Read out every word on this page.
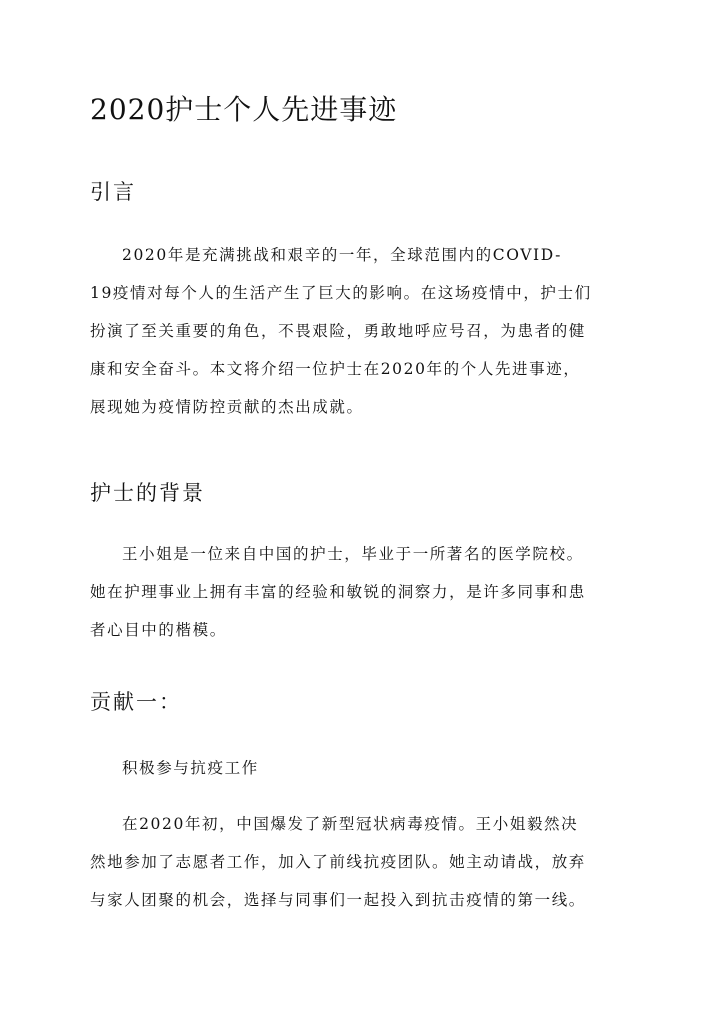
2020护士个人先进事迹
引言
2020年是充满挑战和艰辛的一年，全球范围内的COVID-
19疫情对每个人的生活产生了巨大的影响。在这场疫情中，护士们
扮演了至关重要的角色，不畏艰险，勇敢地呼应号召，为患者的健
康和安全奋斗。本文将介绍一位护士在2020年的个人先进事迹，
展现她为疫情防控贡献的杰出成就。
护士的背景
王小姐是一位来自中国的护士，毕业于一所著名的医学院校。
她在护理事业上拥有丰富的经验和敏锐的洞察力，是许多同事和患
者心目中的楷模。
贡献一：
积极参与抗疫工作
在2020年初，中国爆发了新型冠状病毒疫情。王小姐毅然决
然地参加了志愿者工作，加入了前线抗疫团队。她主动请战，放弃
与家人团聚的机会，选择与同事们一起投入到抗击疫情的第一线。
